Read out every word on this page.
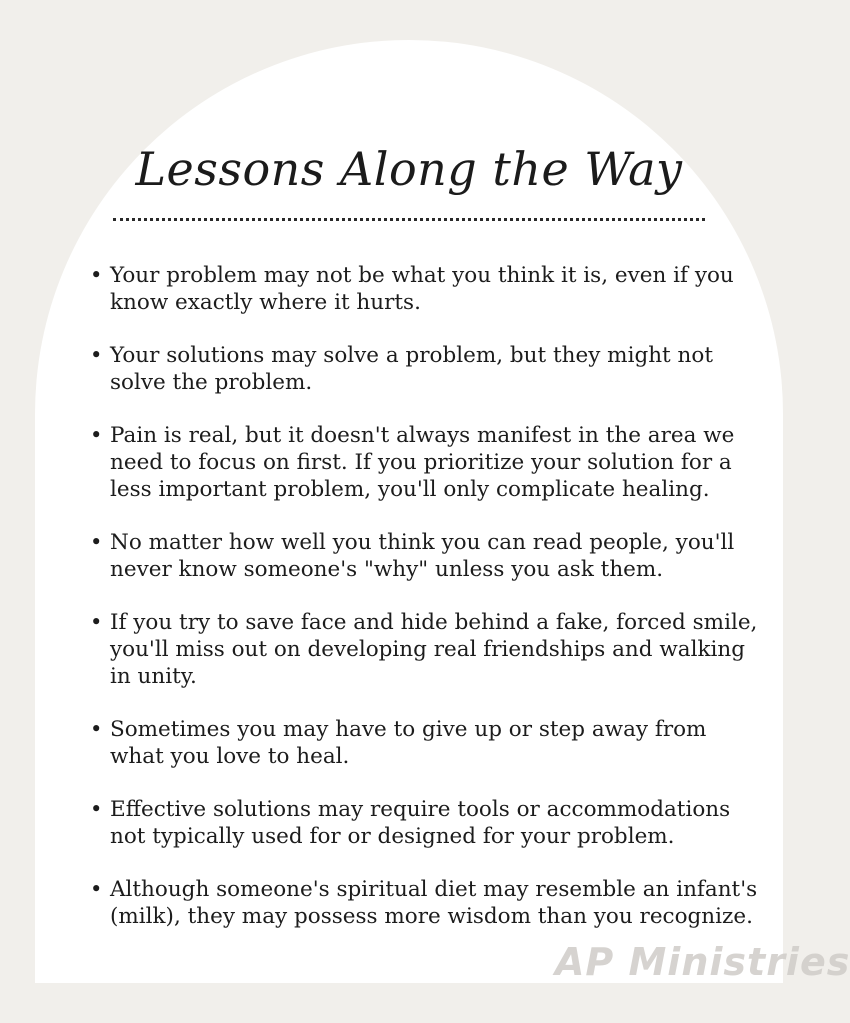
Lessons Along the Way
• Your problem may not be what you think it is, even if you know exactly where it hurts.
• Your solutions may solve a problem, but they might not solve the problem.
• Pain is real, but it doesn't always manifest in the area we need to focus on first. If you prioritize your solution for a less important problem, you'll only complicate healing.
• No matter how well you think you can read people, you'll never know someone's "why" unless you ask them.
• If you try to save face and hide behind a fake, forced smile, you'll miss out on developing real friendships and walking in unity.
• Sometimes you may have to give up or step away from what you love to heal.
• Effective solutions may require tools or accommodations not typically used for or designed for your problem.
• Although someone's spiritual diet may resemble an infant's (milk), they may possess more wisdom than you recognize.
AP Ministries
